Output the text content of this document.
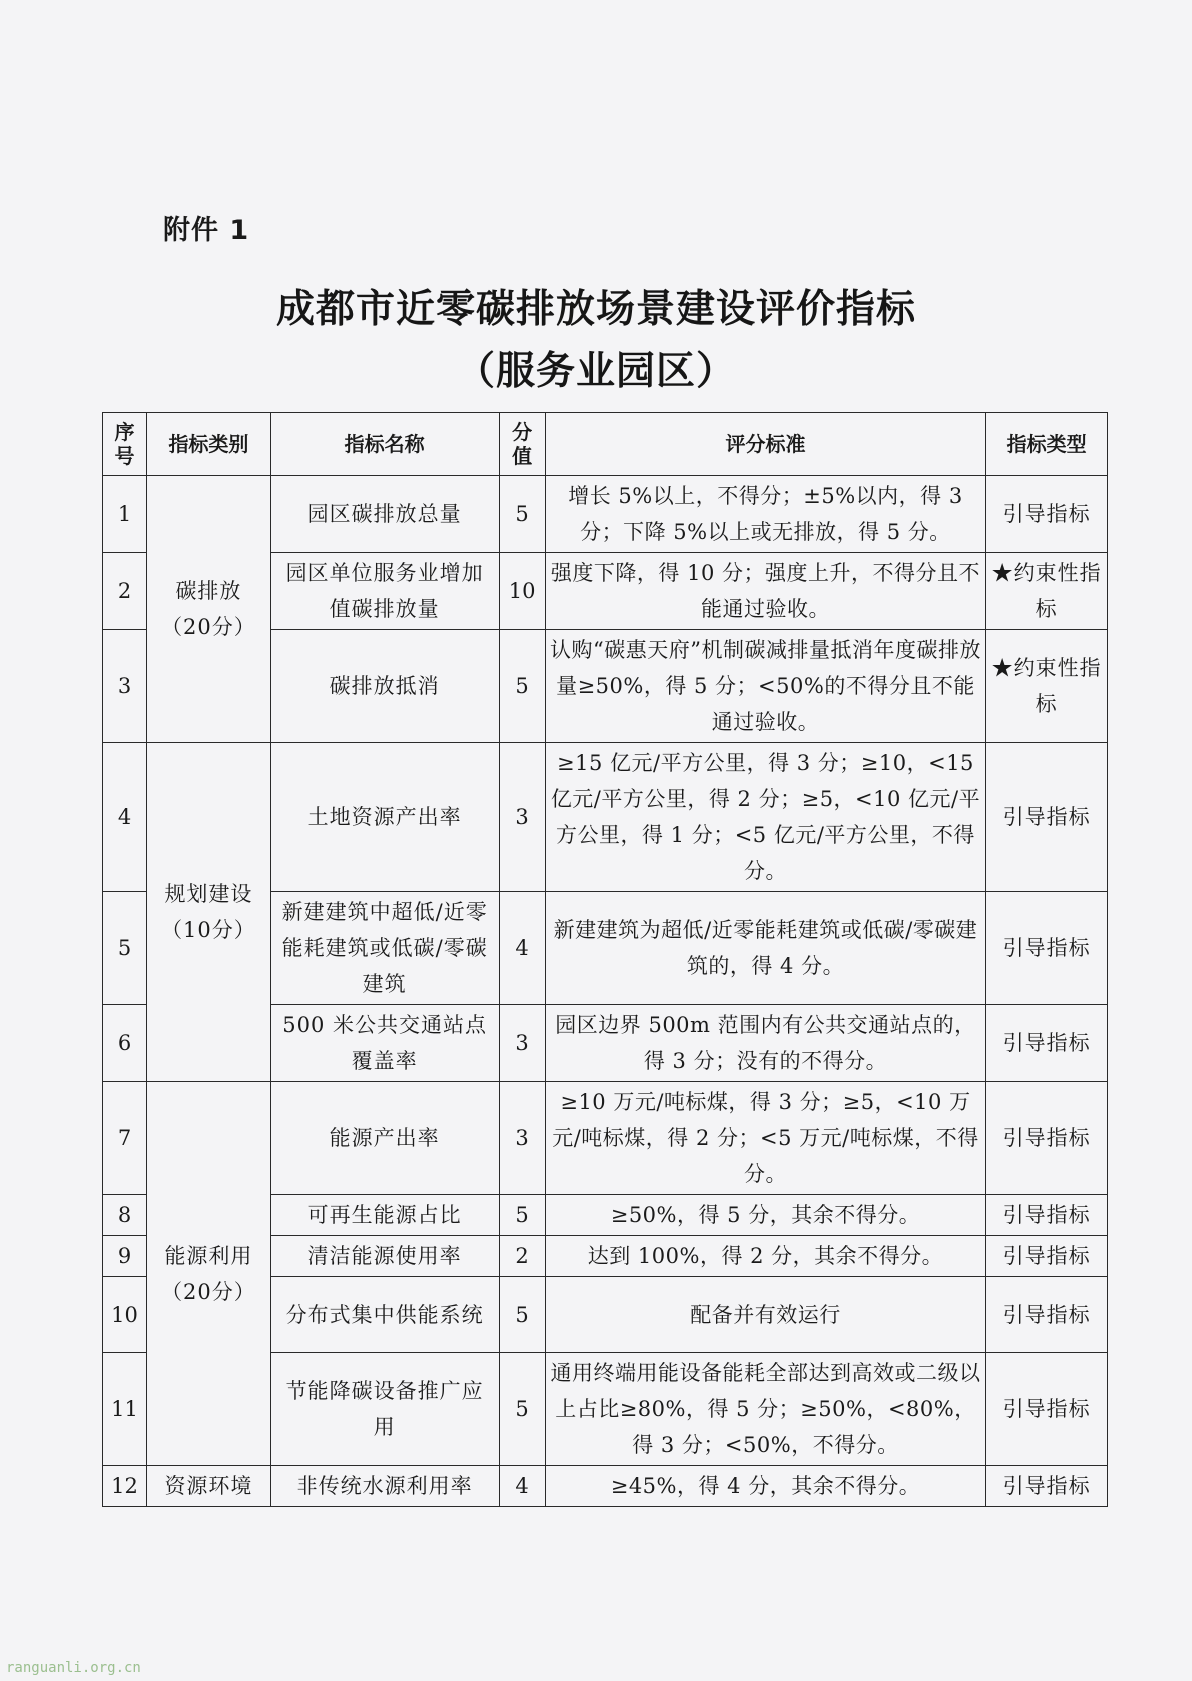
附件 1
成都市近零碳排放场景建设评价指标
（服务业园区）
序号	指标类别	指标名称	分值	评分标准	指标类型
1	碳排放（20分）	园区碳排放总量	5	增长 5%以上，不得分；±5%以内，得 3 分；下降 5%以上或无排放，得 5 分。	引导指标
2		园区单位服务业增加值碳排放量	10	强度下降，得 10 分；强度上升，不得分且不能通过验收。	★约束性指标
3		碳排放抵消	5	认购“碳惠天府”机制碳减排量抵消年度碳排放量≥50%，得 5 分；<50%的不得分且不能通过验收。	★约束性指标
4	规划建设（10分）	土地资源产出率	3	≥15 亿元/平方公里，得 3 分；≥10，<15 亿元/平方公里，得 2 分；≥5，<10 亿元/平方公里，得 1 分；<5 亿元/平方公里，不得分。	引导指标
5		新建建筑中超低/近零能耗建筑或低碳/零碳建筑	4	新建建筑为超低/近零能耗建筑或低碳/零碳建筑的，得 4 分。	引导指标
6		500 米公共交通站点覆盖率	3	园区边界 500m 范围内有公共交通站点的，得 3 分；没有的不得分。	引导指标
7	能源利用（20分）	能源产出率	3	≥10 万元/吨标煤，得 3 分；≥5，<10 万元/吨标煤，得 2 分；<5 万元/吨标煤，不得分。	引导指标
8		可再生能源占比	5	≥50%，得 5 分，其余不得分。	引导指标
9		清洁能源使用率	2	达到 100%，得 2 分，其余不得分。	引导指标
10		分布式集中供能系统	5	配备并有效运行	引导指标
11		节能降碳设备推广应用	5	通用终端用能设备能耗全部达到高效或二级以上占比≥80%，得 5 分；≥50%，<80%，得 3 分；<50%，不得分。	引导指标
12	资源环境	非传统水源利用率	4	≥45%，得 4 分，其余不得分。	引导指标
ranguanli.org.cn
